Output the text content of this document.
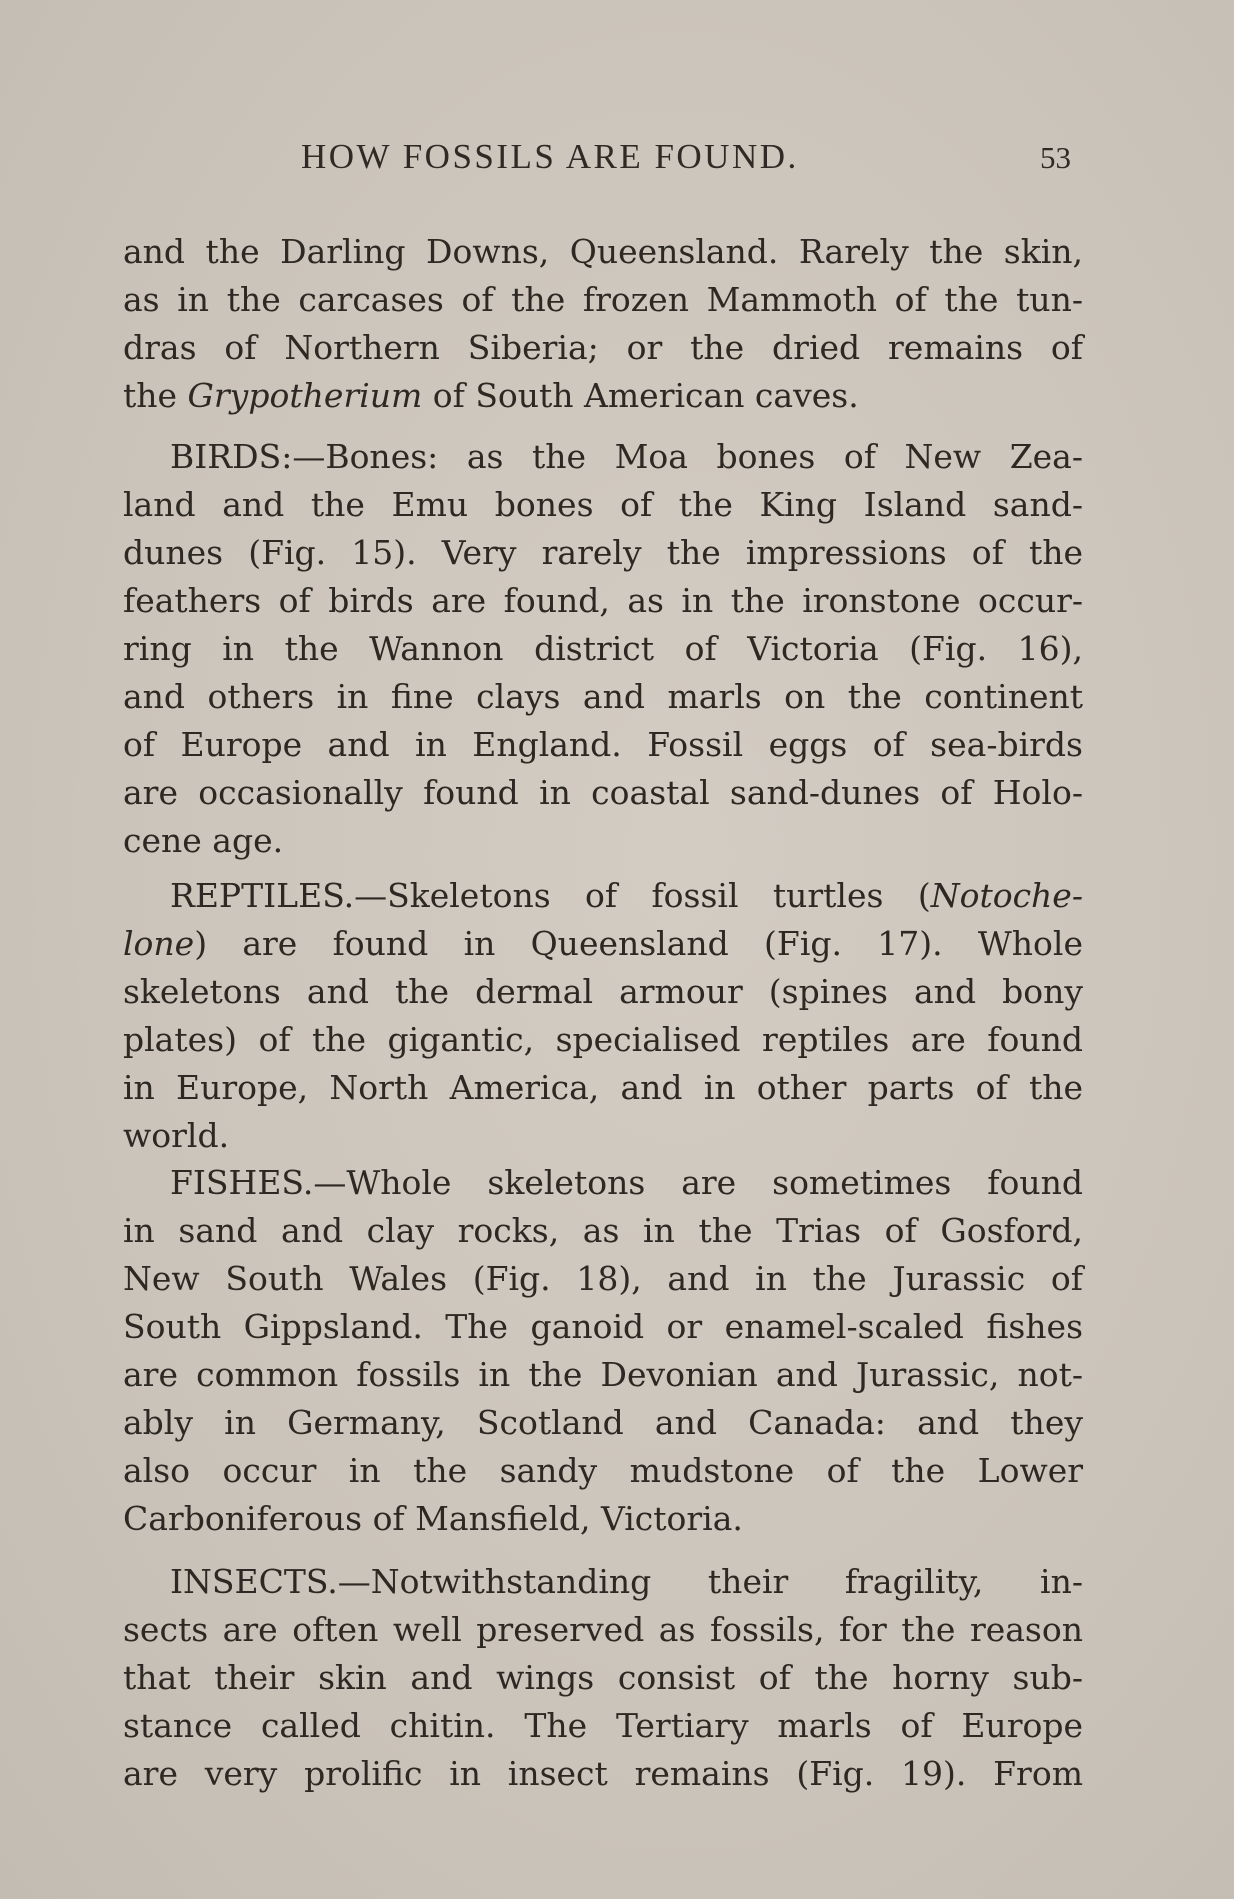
HOW FOSSILS ARE FOUND.	53
and the Darling Downs, Queensland. Rarely the skin,
as in the carcases of the frozen Mammoth of the tun-
dras of Northern Siberia; or the dried remains of
the Grypotherium of South American caves.
BIRDS:—Bones: as the Moa bones of New Zea-
land and the Emu bones of the King Island sand-
dunes (Fig. 15). Very rarely the impressions of the
feathers of birds are found, as in the ironstone occur-
ring in the Wannon district of Victoria (Fig. 16),
and others in fine clays and marls on the continent
of Europe and in England. Fossil eggs of sea-birds
are occasionally found in coastal sand-dunes of Holo-
cene age.
REPTILES.—Skeletons of fossil turtles (Notoche-
lone) are found in Queensland (Fig. 17). Whole
skeletons and the dermal armour (spines and bony
plates) of the gigantic, specialised reptiles are found
in Europe, North America, and in other parts of the
world.
FISHES.—Whole skeletons are sometimes found
in sand and clay rocks, as in the Trias of Gosford,
New South Wales (Fig. 18), and in the Jurassic of
South Gippsland. The ganoid or enamel-scaled fishes
are common fossils in the Devonian and Jurassic, not-
ably in Germany, Scotland and Canada: and they
also occur in the sandy mudstone of the Lower
Carboniferous of Mansfield, Victoria.
INSECTS.—Notwithstanding their fragility, in-
sects are often well preserved as fossils, for the reason
that their skin and wings consist of the horny sub-
stance called chitin. The Tertiary marls of Europe
are very prolific in insect remains (Fig. 19). From
